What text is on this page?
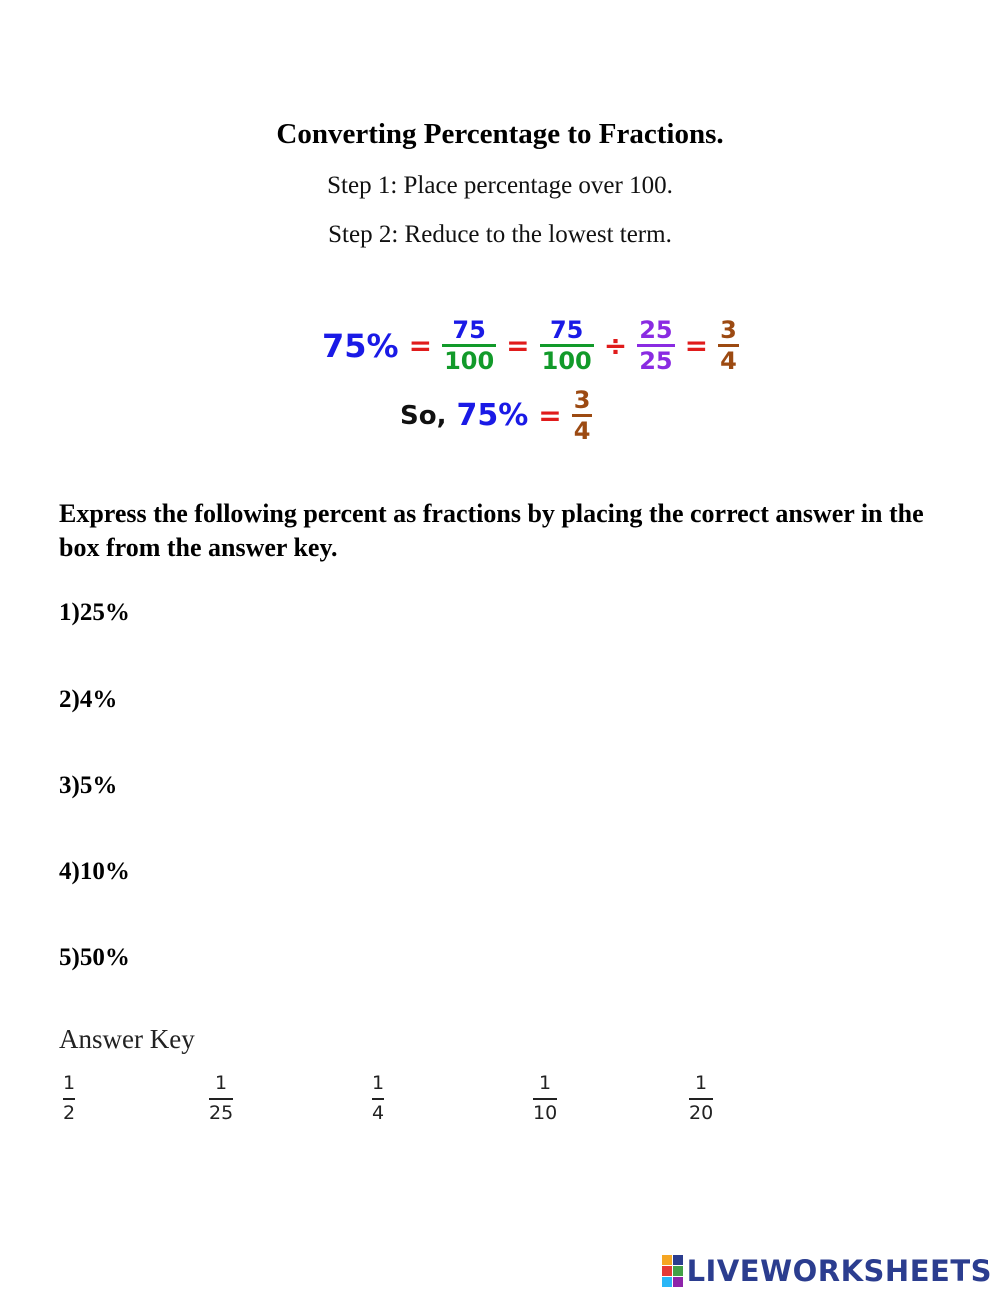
Converting Percentage to Fractions.
Step 1: Place percentage over 100.
Step 2: Reduce to the lowest term.
$75\% = \frac{75}{100} = \frac{75}{100} \div \frac{25}{25} = \frac{3}{4}$
So, $75\% = \frac{3}{4}$
Express the following percent as fractions by placing the correct answer in the box from the answer key.
1)25%
2)4%
3)5%
4)10%
5)50%
Answer Key
1
2
1
25
1
4
1
10
1
20
LIVEWORKSHEETS
